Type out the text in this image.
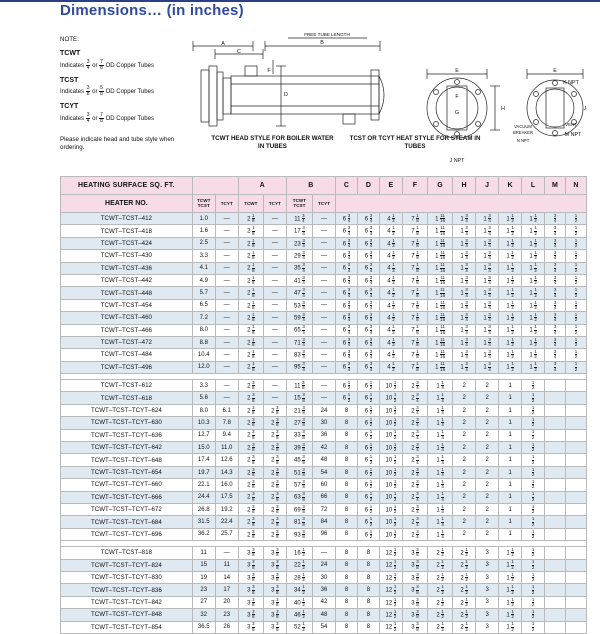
Dimensions… (in inches)
NOTE:
TCWT
Indicates $\frac{3}{4}$ or $\frac{7}{8}$ OD Copper Tubes
TCST
Indicates $\frac{3}{8}$ or $\frac{5}{8}$ OD Copper Tubes
TCYT
Indicates $\frac{3}{4}$ or $\frac{7}{8}$ OD Copper Tubes
Please indicate head and tube style when ordering.
A
C
B
FREE TUBE LENGTH
D
F	E
F
G
H
J NPT
E
K NPT
J
M NPT
VENT
N NPT
BREAKER
VACUUM
TCWT HEAD STYLE FOR BOILER WATER IN TUBES
TCST OR TCYT HEAT STYLE FOR STEAM IN TUBES
HEATING SURFACE SQ. FT.			A		B		C	D	E	F	G	H	J	K	L	M	N
HEATER NO.	TCWT
TCST	TCYT	TCWT	TCYT	TCWT
TCST	TCYT											
TCWT–TCST–412	1.0	—	$2 \frac{1}{8}$	—	$11 \frac{3}{4}$	—	$6 \frac{3}{4}$	$6 \frac{3}{4}$	$4 \frac{1}{2}$	$7 \frac{1}{8}$	$1 \frac{11}{16}$	$1 \frac{3}{4}$	$1 \frac{3}{4}$	$1 \frac{1}{2}$	$1 \frac{1}{2}$	$\frac{3}{4}$	$\frac{1}{2}$

TCWT–TCST–418	1.6	—	$2 \frac{1}{8}$	—	$17 \frac{3}{4}$	—	$6 \frac{3}{4}$	$6 \frac{3}{4}$	$4 \frac{1}{2}$	$7 \frac{1}{8}$	$1 \frac{11}{16}$	$1 \frac{3}{4}$	$1 \frac{3}{4}$	$1 \frac{1}{2}$	$1 \frac{1}{2}$	$\frac{3}{4}$	$\frac{1}{2}$

TCWT–TCST–424	2.5	—	$2 \frac{1}{8}$	—	$23 \frac{3}{4}$	—	$6 \frac{3}{4}$	$6 \frac{3}{4}$	$4 \frac{1}{2}$	$7 \frac{1}{8}$	$1 \frac{11}{16}$	$1 \frac{3}{4}$	$1 \frac{3}{4}$	$1 \frac{1}{2}$	$1 \frac{1}{2}$	$\frac{3}{4}$	$\frac{1}{2}$

TCWT–TCST–430	3.3	—	$2 \frac{1}{8}$	—	$29 \frac{3}{4}$	—	$6 \frac{3}{4}$	$6 \frac{3}{4}$	$4 \frac{1}{2}$	$7 \frac{1}{8}$	$1 \frac{11}{16}$	$1 \frac{3}{4}$	$1 \frac{3}{4}$	$1 \frac{1}{2}$	$1 \frac{1}{2}$	$\frac{3}{4}$	$\frac{1}{2}$

TCWT–TCST–436	4.1	—	$2 \frac{1}{8}$	—	$35 \frac{3}{4}$	—	$6 \frac{3}{4}$	$6 \frac{3}{4}$	$4 \frac{1}{2}$	$7 \frac{1}{8}$	$1 \frac{11}{16}$	$1 \frac{3}{4}$	$1 \frac{3}{4}$	$1 \frac{1}{2}$	$1 \frac{1}{2}$	$\frac{3}{4}$	$\frac{1}{2}$

TCWT–TCST–442	4.9	—	$2 \frac{1}{8}$	—	$41 \frac{3}{4}$	—	$6 \frac{3}{4}$	$6 \frac{3}{4}$	$4 \frac{1}{2}$	$7 \frac{1}{8}$	$1 \frac{11}{16}$	$1 \frac{3}{4}$	$1 \frac{3}{4}$	$1 \frac{1}{2}$	$1 \frac{1}{2}$	$\frac{3}{4}$	$\frac{1}{2}$

TCWT–TCST–448	5.7	—	$2 \frac{1}{8}$	—	$47 \frac{3}{4}$	—	$6 \frac{3}{4}$	$6 \frac{3}{4}$	$4 \frac{1}{2}$	$7 \frac{1}{8}$	$1 \frac{11}{16}$	$1 \frac{3}{4}$	$1 \frac{3}{4}$	$1 \frac{1}{2}$	$1 \frac{1}{2}$	$\frac{3}{4}$	$\frac{1}{2}$

TCWT–TCST–454	6.5	—	$2 \frac{1}{8}$	—	$53 \frac{3}{4}$	—	$6 \frac{3}{4}$	$6 \frac{3}{4}$	$4 \frac{1}{2}$	$7 \frac{1}{8}$	$1 \frac{11}{16}$	$1 \frac{3}{4}$	$1 \frac{3}{4}$	$1 \frac{1}{2}$	$1 \frac{1}{2}$	$\frac{3}{4}$	$\frac{1}{2}$

TCWT–TCST–460	7.2	—	$2 \frac{1}{8}$	—	$59 \frac{3}{4}$	—	$6 \frac{3}{4}$	$6 \frac{3}{4}$	$4 \frac{1}{2}$	$7 \frac{1}{8}$	$1 \frac{11}{16}$	$1 \frac{3}{4}$	$1 \frac{3}{4}$	$1 \frac{1}{2}$	$1 \frac{1}{2}$	$\frac{3}{4}$	$\frac{1}{2}$

TCWT–TCST–466	8.0	—	$2 \frac{1}{8}$	—	$65 \frac{3}{4}$	—	$6 \frac{3}{4}$	$6 \frac{3}{4}$	$4 \frac{1}{2}$	$7 \frac{1}{8}$	$1 \frac{11}{16}$	$1 \frac{3}{4}$	$1 \frac{3}{4}$	$1 \frac{1}{2}$	$1 \frac{1}{2}$	$\frac{3}{4}$	$\frac{1}{2}$

TCWT–TCST–472	8.8	—	$2 \frac{1}{8}$	—	$71 \frac{3}{4}$	—	$6 \frac{3}{4}$	$6 \frac{3}{4}$	$4 \frac{1}{2}$	$7 \frac{1}{8}$	$1 \frac{11}{16}$	$1 \frac{3}{4}$	$1 \frac{3}{4}$	$1 \frac{1}{2}$	$1 \frac{1}{2}$	$\frac{3}{4}$	$\frac{1}{2}$

TCWT–TCST–484	10.4	—	$2 \frac{1}{8}$	—	$83 \frac{3}{4}$	—	$6 \frac{3}{4}$	$6 \frac{3}{4}$	$4 \frac{1}{2}$	$7 \frac{1}{8}$	$1 \frac{11}{16}$	$1 \frac{3}{4}$	$1 \frac{3}{4}$	$1 \frac{1}{2}$	$1 \frac{1}{2}$	$\frac{3}{4}$	$\frac{1}{2}$

TCWT–TCST–496	12.0	—	$2 \frac{1}{8}$	—	$95 \frac{3}{4}$	—	$6 \frac{3}{4}$	$6 \frac{3}{4}$	$4 \frac{1}{2}$	$7 \frac{1}{8}$	$1 \frac{11}{16}$	$1 \frac{3}{4}$	$1 \frac{3}{4}$	$1 \frac{1}{2}$	$1 \frac{1}{2}$	$\frac{3}{4}$	$\frac{1}{2}$

TCWT–TCST–612	3.3	—	$2 \frac{3}{8}$	—	$11 \frac{3}{8}$	—	$6 \frac{1}{2}$	$6 \frac{1}{2}$	$10 \frac{1}{2}$	$2 \frac{3}{4}$	$1 \frac{1}{4}$	2	2	1	$\frac{1}{2}$

TCWT–TCST–618	5.6	—	$2 \frac{3}{8}$	—	$15 \frac{3}{8}$	—	$6 \frac{1}{2}$	$6 \frac{1}{2}$	$10 \frac{1}{2}$	$2 \frac{3}{4}$	$1 \frac{1}{4}$	2	2	1	$\frac{1}{2}$

TCWT–TCST–TCYT–624	8.0	6.1	$2 \frac{3}{8}$	$2 \frac{3}{8}$	$21 \frac{3}{8}$	24	8	$6 \frac{1}{2}$	$10 \frac{1}{2}$	$2 \frac{3}{4}$	$1 \frac{1}{4}$	2	2	1	$\frac{1}{2}$

TCWT–TCST–TCYT–630	10.3	7.8	$2 \frac{3}{8}$	$2 \frac{3}{8}$	$27 \frac{3}{8}$	30	8	$6 \frac{1}{2}$	$10 \frac{1}{2}$	$2 \frac{3}{4}$	$1 \frac{1}{4}$	2	2	1	$\frac{1}{2}$

TCWT–TCST–TCYT–636	12.7	9.4	$2 \frac{3}{8}$	$2 \frac{3}{8}$	$33 \frac{3}{8}$	36	8	$6 \frac{1}{2}$	$10 \frac{1}{2}$	$2 \frac{3}{4}$	$1 \frac{1}{4}$	2	2	1	$\frac{1}{2}$

TCWT–TCST–TCYT–642	15.0	11.0	$2 \frac{3}{8}$	$2 \frac{3}{8}$	$39 \frac{3}{8}$	42	8	$6 \frac{1}{2}$	$10 \frac{1}{2}$	$2 \frac{3}{4}$	$1 \frac{1}{4}$	2	2	1	$\frac{1}{2}$

TCWT–TCST–TCYT–648	17.4	12.6	$2 \frac{3}{8}$	$2 \frac{3}{8}$	$45 \frac{3}{8}$	48	8	$6 \frac{1}{2}$	$10 \frac{1}{2}$	$2 \frac{3}{4}$	$1 \frac{1}{4}$	2	2	1	$\frac{1}{2}$

TCWT–TCST–TCYT–654	19.7	14.3	$2 \frac{3}{8}$	$2 \frac{3}{8}$	$51 \frac{3}{8}$	54	8	$6 \frac{1}{2}$	$10 \frac{1}{2}$	$2 \frac{3}{4}$	$1 \frac{1}{4}$	2	2	1	$\frac{1}{2}$

TCWT–TCST–TCYT–660	22.1	16.0	$2 \frac{3}{8}$	$2 \frac{3}{8}$	$57 \frac{3}{8}$	60	8	$6 \frac{1}{2}$	$10 \frac{1}{2}$	$2 \frac{3}{4}$	$1 \frac{1}{4}$	2	2	1	$\frac{1}{2}$

TCWT–TCST–TCYT–666	24.4	17.5	$2 \frac{3}{8}$	$2 \frac{3}{8}$	$63 \frac{3}{8}$	66	8	$6 \frac{1}{2}$	$10 \frac{1}{2}$	$2 \frac{3}{4}$	$1 \frac{1}{4}$	2	2	1	$\frac{1}{2}$

TCWT–TCST–TCYT–672	26.8	19.2	$2 \frac{3}{8}$	$2 \frac{3}{8}$	$69 \frac{3}{8}$	72	8	$6 \frac{1}{2}$	$10 \frac{1}{2}$	$2 \frac{3}{4}$	$1 \frac{1}{4}$	2	2	1	$\frac{1}{2}$

TCWT–TCST–TCYT–684	31.5	22.4	$2 \frac{3}{8}$	$2 \frac{3}{8}$	$81 \frac{3}{8}$	84	8	$6 \frac{1}{2}$	$10 \frac{1}{2}$	$2 \frac{3}{4}$	$1 \frac{1}{4}$	2	2	1	$\frac{1}{2}$

TCWT–TCST–TCYT–696	36.2	25.7	$2 \frac{3}{8}$	$2 \frac{3}{8}$	$93 \frac{3}{8}$	96	8	$6 \frac{1}{2}$	$10 \frac{1}{2}$	$2 \frac{3}{4}$	$1 \frac{1}{4}$	2	2	1	$\frac{1}{2}$

TCWT–TCST–818	11	—	$3 \frac{3}{8}$	$3 \frac{3}{8}$	$16 \frac{1}{2}$	—	8	8	$12 \frac{1}{2}$	$3 \frac{3}{8}$	$2 \frac{1}{2}$	$2 \frac{1}{2}$	3	$1 \frac{1}{2}$	$\frac{1}{2}$

TCWT–TCST–TCYT–824	15	11	$3 \frac{3}{8}$	$3 \frac{3}{8}$	$22 \frac{1}{2}$	24	8	8	$12 \frac{1}{2}$	$3 \frac{3}{8}$	$2 \frac{1}{2}$	$2 \frac{1}{2}$	3	$1 \frac{1}{2}$	$\frac{1}{2}$

TCWT–TCST–TCYT–830	19	14	$3 \frac{3}{8}$	$3 \frac{3}{8}$	$28 \frac{1}{2}$	30	8	8	$12 \frac{1}{2}$	$3 \frac{3}{8}$	$2 \frac{1}{2}$	$2 \frac{1}{2}$	3	$1 \frac{1}{2}$	$\frac{1}{2}$

TCWT–TCST–TCYT–836	23	17	$3 \frac{3}{8}$	$3 \frac{3}{8}$	$34 \frac{1}{2}$	36	8	8	$12 \frac{1}{2}$	$3 \frac{3}{8}$	$2 \frac{1}{2}$	$2 \frac{1}{2}$	3	$1 \frac{1}{2}$	$\frac{1}{2}$

TCWT–TCST–TCYT–842	27	20	$3 \frac{3}{8}$	$3 \frac{3}{8}$	$40 \frac{1}{2}$	42	8	8	$12 \frac{1}{2}$	$3 \frac{3}{8}$	$2 \frac{1}{2}$	$2 \frac{1}{2}$	3	$1 \frac{1}{2}$	$\frac{1}{2}$

TCWT–TCST–TCYT–848	32	23	$3 \frac{3}{8}$	$3 \frac{3}{8}$	$46 \frac{1}{2}$	48	8	8	$12 \frac{1}{2}$	$3 \frac{3}{8}$	$2 \frac{1}{2}$	$2 \frac{1}{2}$	3	$1 \frac{1}{2}$	$\frac{1}{2}$

TCWT–TCST–TCYT–854	36.5	26	$3 \frac{3}{8}$	$3 \frac{3}{8}$	$52 \frac{1}{2}$	54	8	8	$12 \frac{1}{2}$	$3 \frac{3}{8}$	$2 \frac{1}{2}$	$2 \frac{1}{2}$	3	$1 \frac{1}{2}$	$\frac{1}{2}$
